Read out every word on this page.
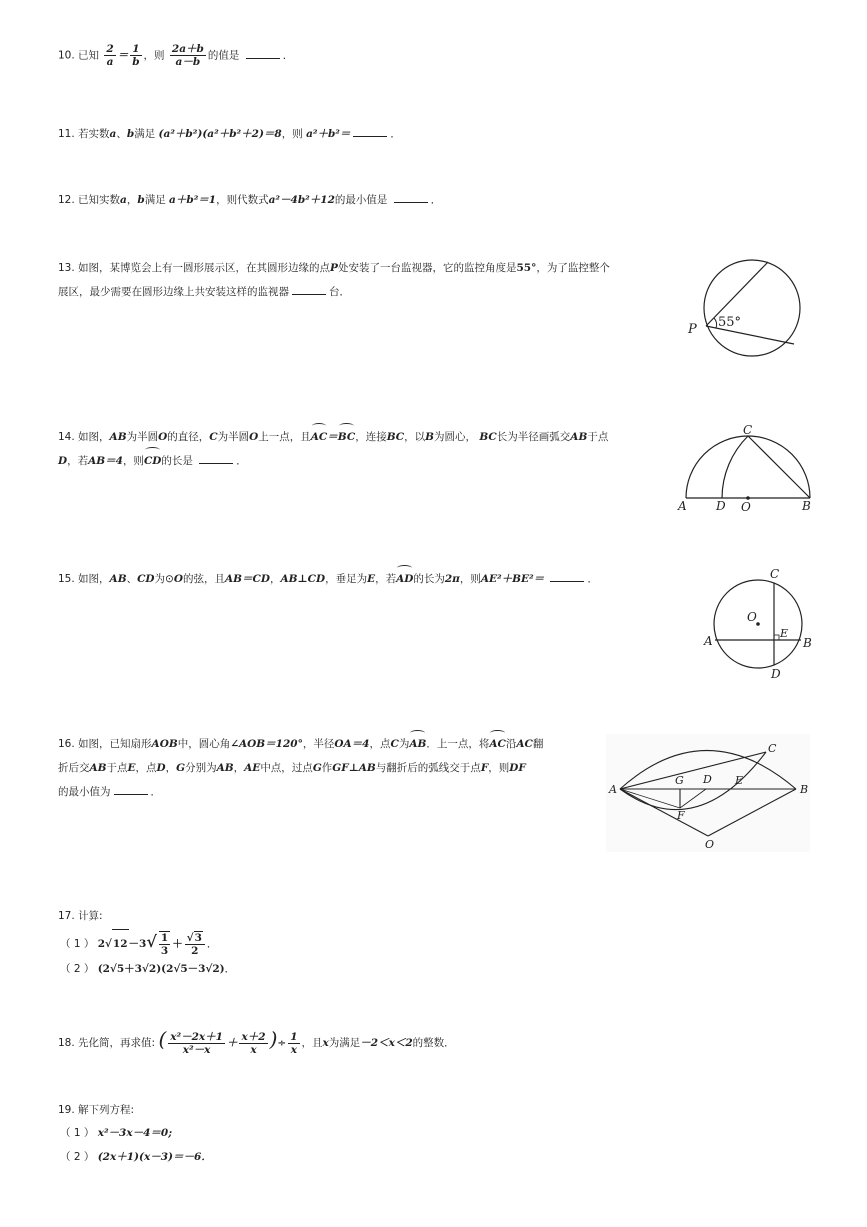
10. 已知 $\frac{2}{a} = \frac{1}{b}$ ，则 $\frac{2a+b}{a-b}$ 的值是	．
11. 若实数a、b满足 (a²＋b²)(a²＋b²＋2)＝8，则 a²＋b²＝	．
12. 已知实数a，b满足 a＋b²＝1，则代数式a²－4b²＋12的最小值是	．
13. 如图，某博览会上有一圆形展示区，在其圆形边缘的点P处安装了一台监视器，它的监控角度是55°，为了监控整个
展区，最少需要在圆形边缘上共安装这样的监视器	台．
P 55°
14. 如图，AB为半圆O的直径，C为半圆O上一点，且AC＝BC，连接BC，以B为圆心， BC长为半径画弧交AB于点
D，若AB＝4，则CD的长是	．
A D O	B
C
15. 如图，AB、CD为⊙O的弦，且AB＝CD，AB⊥CD，垂足为E，若AD的长为2π，则AE²＋BE²＝	．	C
O
E
A	B
D
16. 如图，已知扇形AOB中，圆心角∠AOB＝120°，半径OA＝4，点C为AB．上一点，将AC沿AC翻
折后交AB于点E，点D，G分别为AB，AE中点，过点G作GF⊥AB与翻折后的弧线交于点F，则DF
的最小值为	．	A	B
C
G D E
F
O
17. 计算:
（ 1 ） $2√12-3√ \frac{1}{3} + \frac{√3}{2}$ ．
（ 2 ） (2√5＋3√2)(2√5－3√2)．
18. 先化简，再求值: ( $\frac{\text{x²－2x＋1}}{\text{x²－x}} + \frac{x+2}{x}$ )÷ $\frac{1}{x}$ ，且x为满足－2＜x＜2的整数．
19. 解下列方程:
（ 1 ） x²－3x－4＝0;
（ 2 ） (2x＋1)(x－3)＝－6．
